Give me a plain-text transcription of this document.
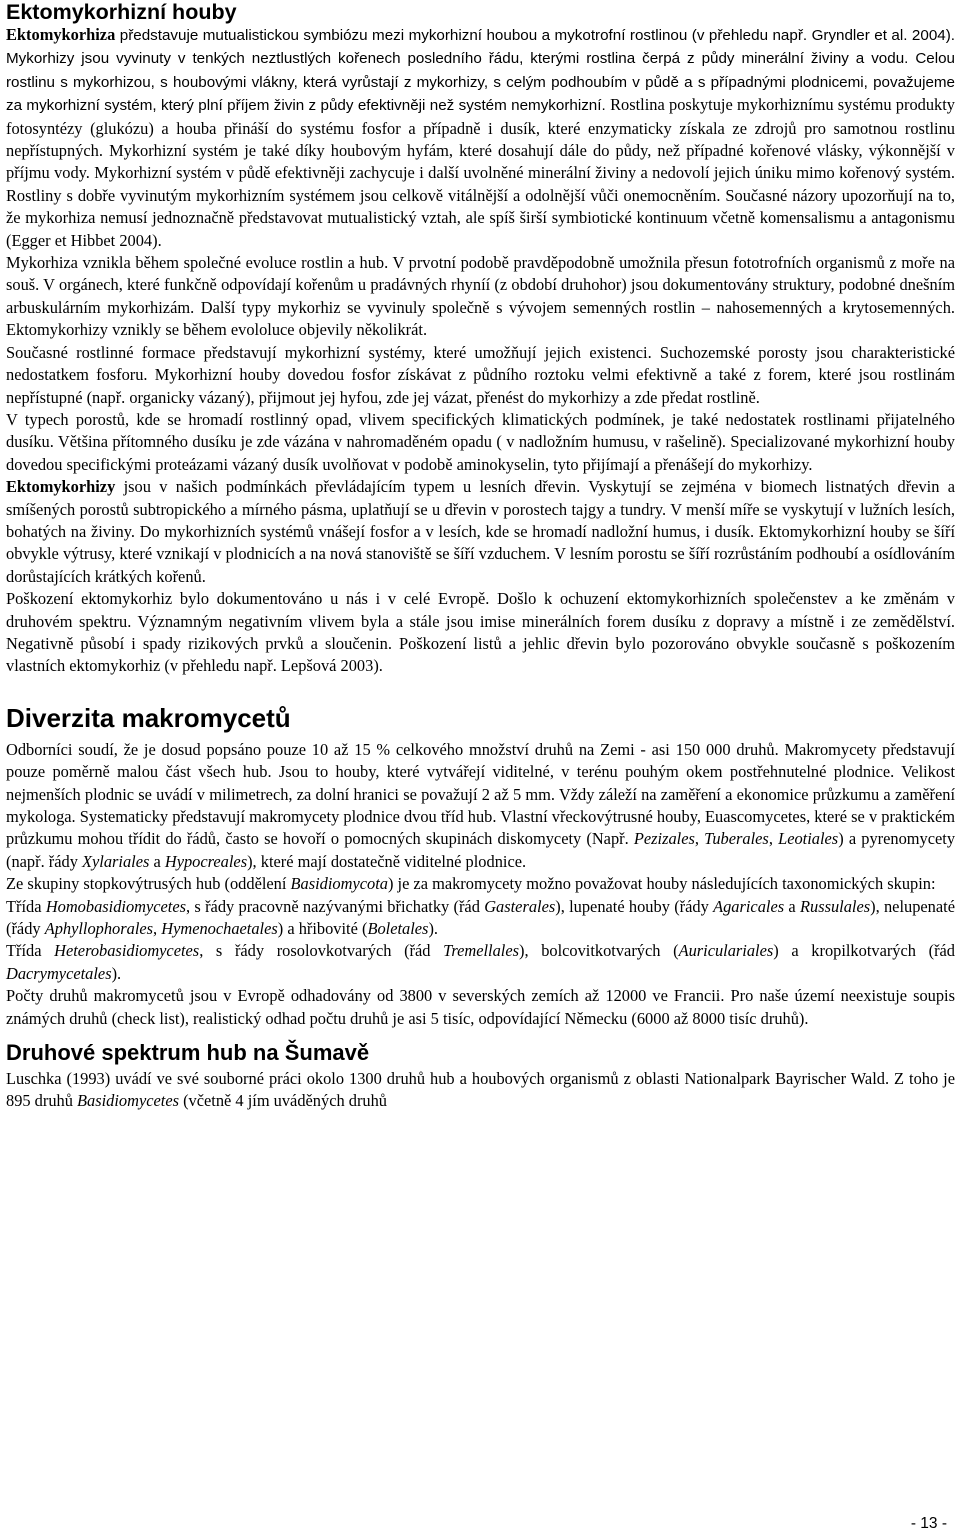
Ektomykorhizní houby

Ektomykorhiza představuje mutualistickou symbiózu mezi mykorhizní houbou a mykotrofní rostlinou (v přehledu např. Gryndler et al. 2004). Mykorhizy jsou vyvinuty v tenkých neztlustlých kořenech posledního řádu, kterými rostlina čerpá z půdy minerální živiny a vodu. Celou rostlinu s mykorhizou, s houbovými vlákny, která vyrůstají z mykorhizy, s celým podhoubím v půdě a s případnými plodnicemi, považujeme za mykorhizní systém, který plní příjem živin z půdy efektivněji než systém nemykorhizní. Rostlina poskytuje mykorhiznímu systému produkty fotosyntézy (glukózu) a houba přináší do systému fosfor a případně i dusík, které enzymaticky získala ze zdrojů pro samotnou rostlinu nepřístupných. Mykorhizní systém je také díky houbovým hyfám, které dosahují dále do půdy, než případné kořenové vlásky, výkonnější v příjmu vody. Mykorhizní systém v půdě efektivněji zachycuje i další uvolněné minerální živiny a nedovolí jejich úniku mimo kořenový systém. Rostliny s dobře vyvinutým mykorhizním systémem jsou celkově vitálnější a odolnější vůči onemocněním. Současné názory upozorňují na to, že mykorhiza nemusí jednoznačně představovat mutualistický vztah, ale spíš širší symbiotické kontinuum včetně komensalismu a antagonismu (Egger et Hibbet 2004).

Mykorhiza vznikla během společné evoluce rostlin a hub. V prvotní podobě pravděpodobně umožnila přesun fototrofních organismů z moře na souš. V orgánech, které funkčně odpovídají kořenům u pradávných rhyníí (z období druhohor) jsou dokumentovány struktury, podobné dnešním arbuskulárním mykorhizám. Další typy mykorhiz se vyvinuly společně s vývojem semenných rostlin – nahosemenných a krytosemenných. Ektomykorhizy vznikly se během evololuce objevily několikrát.

Současné rostlinné formace představují mykorhizní systémy, které umožňují jejich existenci. Suchozemské porosty jsou charakteristické nedostatkem fosforu. Mykorhizní houby dovedou fosfor získávat z půdního roztoku velmi efektivně a také z forem, které jsou rostlinám nepřístupné (např. organicky vázaný), přijmout jej hyfou, zde jej vázat, přenést do mykorhizy a zde předat rostlině.

V typech porostů, kde se hromadí rostlinný opad, vlivem specifických klimatických podmínek, je také nedostatek rostlinami přijatelného dusíku. Většina přítomného dusíku je zde vázána v nahromaděném opadu ( v nadložním humusu, v rašelině). Specializované mykorhizní houby dovedou specifickými proteázami vázaný dusík uvolňovat v podobě aminokyselin, tyto přijímají a přenášejí do mykorhizy.

Ektomykorhizy jsou v našich podmínkách převládajícím typem u lesních dřevin. Vyskytují se zejména v biomech listnatých dřevin a smíšených porostů subtropického a mírného pásma, uplatňují se u dřevin v porostech tajgy a tundry. V menší míře se vyskytují v lužních lesích, bohatých na živiny. Do mykorhizních systémů vnášejí fosfor a v lesích, kde se hromadí nadložní humus, i dusík. Ektomykorhizní houby se šíří obvykle výtrusy, které vznikají v plodnicích a na nová stanoviště se šíří vzduchem. V lesním porostu se šíří rozrůstáním podhoubí a osídlováním dorůstajících krátkých kořenů.

Poškození ektomykorhiz bylo dokumentováno u nás i v celé Evropě. Došlo k ochuzení ektomykorhizních společenstev a ke změnám v druhovém spektru. Významným negativním vlivem byla a stále jsou imise minerálních forem dusíku z dopravy a místně i ze zemědělství. Negativně působí i spady rizikových prvků a sloučenin. Poškození listů a jehlic dřevin bylo pozorováno obvykle současně s poškozením vlastních ektomykorhiz (v přehledu např. Lepšová 2003).

Diverzita makromycetů

Odborníci soudí, že je dosud popsáno pouze 10 až 15 % celkového množství druhů na Zemi - asi 150 000 druhů. Makromycety představují pouze poměrně malou část všech hub. Jsou to houby, které vytvářejí viditelné, v terénu pouhým okem postřehnutelné plodnice. Velikost nejmenších plodnic se uvádí v milimetrech, za dolní hranici se považují 2 až 5 mm. Vždy záleží na zaměření a ekonomice průzkumu a zaměření mykologa. Systematicky představují makromycety plodnice dvou tříd hub. Vlastní vřeckovýtrusné houby, Euascomycetes, které se v praktickém průzkumu mohou třídit do řádů, často se hovoří o pomocných skupinách diskomycety (Např. Pezizales, Tuberales, Leotiales) a pyrenomycety (např. řády Xylariales a Hypocreales), které mají dostatečně viditelné plodnice.

Ze skupiny stopkovýtrusých hub (oddělení Basidiomycota) je za makromycety možno považovat houby následujících taxonomických skupin:

Třída Homobasidiomycetes, s řády pracovně nazývanými břichatky (řád Gasterales), lupenaté houby (řády Agaricales a Russulales), nelupenaté (řády Aphyllophorales, Hymenochaetales) a hřibovité (Boletales).

Třída Heterobasidiomycetes, s řády rosolovkotvarých (řád Tremellales), bolcovitkotvarých (Auriculariales) a kropilkotvarých (řád Dacrymycetales).

Počty druhů makromycetů jsou v Evropě odhadovány od 3800 v severských zemích až 12000 ve Francii. Pro naše území neexistuje soupis známých druhů (check list), realistický odhad počtu druhů je asi 5 tisíc, odpovídající Německu (6000 až 8000 tisíc druhů).

Druhové spektrum hub na Šumavě

Luschka (1993) uvádí ve své souborné práci okolo 1300 druhů hub a houbových organismů z oblasti Nationalpark Bayrischer Wald. Z toho je 895 druhů Basidiomycetes (včetně 4 jím uváděných druhů

- 13 -
